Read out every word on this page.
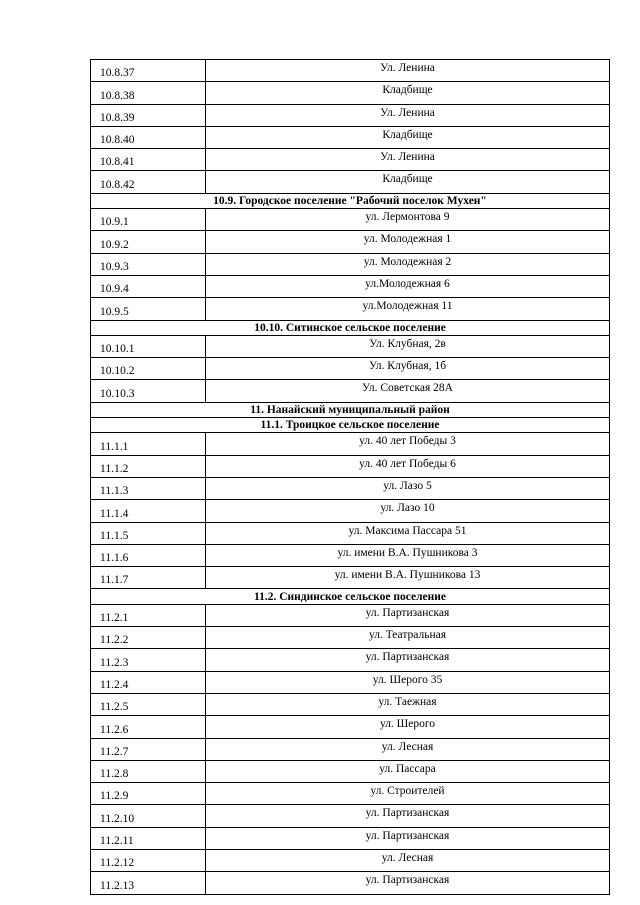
10.8.37	Ул. Ленина
10.8.38	Кладбище
10.8.39	Ул. Ленина
10.8.40	Кладбище
10.8.41	Ул. Ленина
10.8.42	Кладбище
10.9. Городское поселение "Рабочий поселок Мухен"	
10.9.1	ул. Лермонтова 9
10.9.2	ул. Молодежная 1
10.9.3	ул. Молодежная 2
10.9.4	ул.Молодежная 6
10.9.5	ул.Молодежная 11
10.10. Ситинское сельское поселение	
10.10.1	Ул. Клубная, 2в
10.10.2	Ул. Клубная, 1б
10.10.3	Ул. Советская 28А
11. Нанайский муниципальный район	
11.1. Троицкое сельское поселение	
11.1.1	ул. 40 лет Победы 3
11.1.2	ул. 40 лет Победы 6
11.1.3	ул. Лазо 5
11.1.4	ул. Лазо 10
11.1.5	ул. Максима Пассара 51
11.1.6	ул. имени В.А. Пушникова 3
11.1.7	ул. имени В.А. Пушникова 13
11.2. Синдинское сельское поселение	
11.2.1	ул. Партизанская
11.2.2	ул. Театральная
11.2.3	ул. Партизанская
11.2.4	ул. Шерого 35
11.2.5	ул. Таежная
11.2.6	ул. Шерого
11.2.7	ул. Лесная
11.2.8	ул. Пассара
11.2.9	ул. Строителей
11.2.10	ул. Партизанская
11.2.11	ул. Партизанская
11.2.12	ул. Лесная
11.2.13	ул. Партизанская
